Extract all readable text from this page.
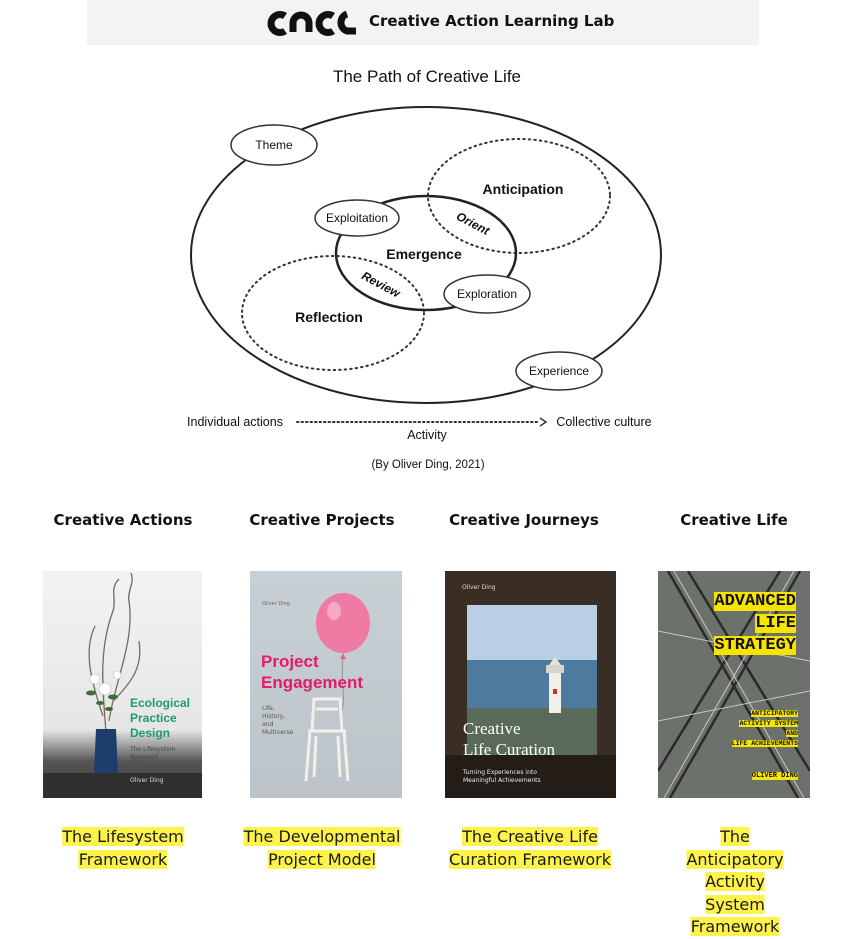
Creative Action Learning Lab
The Path of Creative Life
Anticipation
Emergence
Reflection
Orient
Review
Theme
Exploitation
Exploration
Experience
Individual actions	Collective culture
Activity
(By Oliver Ding, 2021)
Creative Actions	Creative Projects	Creative Journeys	Creative Life
Ecological
Practice
Design
The Lifesystem
Approach
Oliver Ding
Project
Engagement
Life,
History,
and
Multiverse
Oliver Ding
Oliver Ding
Creative
Life Curation
Turning Experiences into
Meaningful Achievements
ADVANCED
LIFE
STRATEGY
ANTICIPATORY
ACTIVITY SYSTEM
AND
LIFE ACHIEVEMENTS
OLIVER DING
The Lifesystem
Framework
The Developmental
Project Model
The Creative Life
Curation Framework
The Anticipatory
Activity System
Framework
